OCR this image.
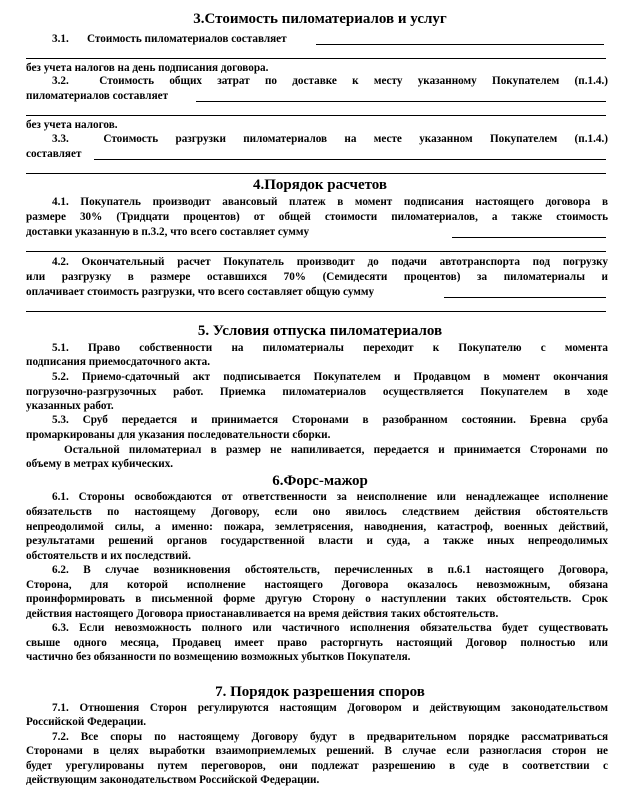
3.Стоимость пиломатериалов и услуг
3.1. Стоимость пиломатериалов составляет
без учета налогов на день подписания договора.
3.2.	Стоимость общих затрат по доставке к месту указанному Покупателем (п.1.4.)
пиломатериалов составляет
без учета налогов.
3.3.	Стоимость разгрузки пиломатериалов на месте указанном Покупателем (п.1.4.)
составляет
4.Порядок расчетов
4.1. Покупатель производит авансовый платеж в момент подписания настоящего договора в
размере 30% (Тридцати процентов) от общей стоимости пиломатериалов, а также стоимость
доставки указанную в п.3.2, что всего составляет сумму
4.2. Окончательный расчет Покупатель производит до подачи автотранспорта под погрузку
или разгрузку в размере оставшихся 70% (Семидесяти процентов) за пиломатериалы и
оплачивает стоимость разгрузки, что всего составляет общую сумму
5. Условия отпуска пиломатериалов
5.1. Право собственности на пиломатериалы переходит к Покупателю с момента
подписания приемосдаточного акта.
5.2. Приемо-сдаточный акт подписывается Покупателем и Продавцом в момент окончания
погрузочно-разгрузочных работ. Приемка пиломатериалов осуществляется Покупателем в ходе
указанных работ.
5.3. Сруб передается и принимается Сторонами в разобранном состоянии. Бревна сруба
промаркированы для указания последовательности сборки.
Остальной пиломатериал в размер не напиливается, передается и принимается Сторонами по
объему в метрах кубических.
6.Форс-мажор
6.1. Стороны освобождаются от ответственности за неисполнение или ненадлежащее исполнение
обязательств по настоящему Договору, если оно явилось следствием действия обстоятельств
непреодолимой силы, а именно: пожара, землетрясения, наводнения, катастроф, военных действий,
результатами решений органов государственной власти и суда, а также иных непреодолимых
обстоятельств и их последствий.
6.2. В случае возникновения обстоятельств, перечисленных в п.6.1 настоящего Договора,
Сторона, для которой исполнение настоящего Договора оказалось невозможным, обязана
проинформировать в письменной форме другую Сторону о наступлении таких обстоятельств. Срок
действия настоящего Договора приостанавливается на время действия таких обстоятельств.
6.3. Если невозможность полного или частичного исполнения обязательства будет существовать
свыше одного месяца, Продавец имеет право расторгнуть настоящий Договор полностью или
частично без обязанности по возмещению возможных убытков Покупателя.
7. Порядок разрешения споров
7.1. Отношения Сторон регулируются настоящим Договором и действующим законодательством
Российской Федерации.
7.2. Все споры по настоящему Договору будут в предварительном порядке рассматриваться
Сторонами в целях выработки взаимоприемлемых решений. В случае если разногласия сторон не
будет урегулированы путем переговоров, они подлежат разрешению в суде в соответствии с
действующим законодательством Российской Федерации.
